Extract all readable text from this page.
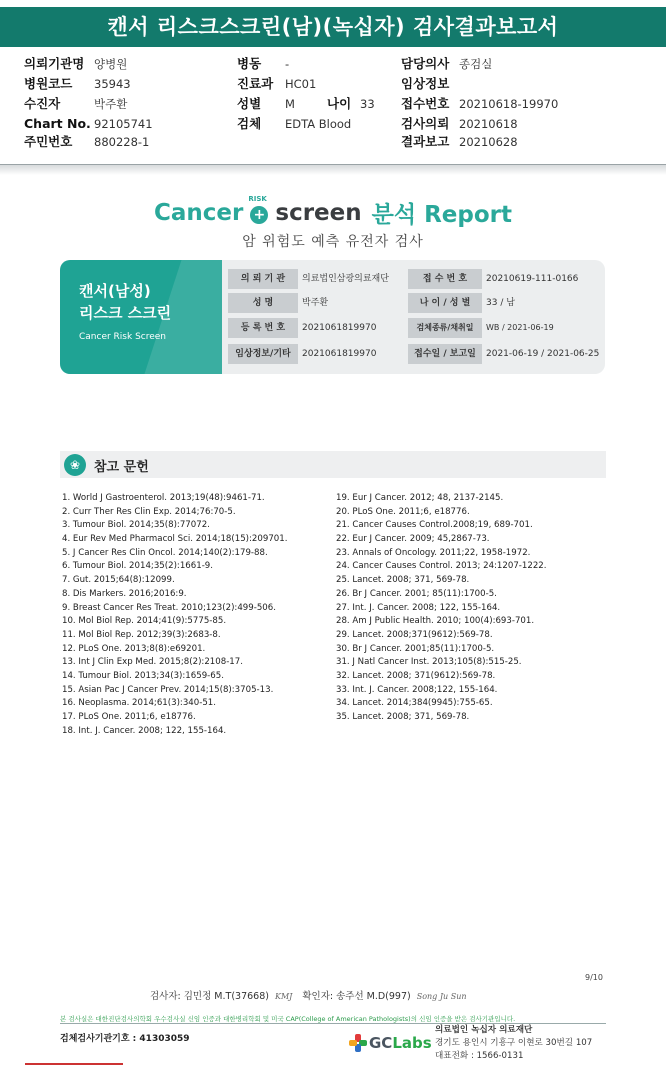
캔서 리스크스크린(남)(녹십자) 검사결과보고서
의뢰기관명 양병원
병원코드 35943
수진자	박주환
Chart No. 92105741
주민번호 880228-1
병동 -
진료과 HC01
성별 M	나이 33
검체 EDTA Blood
담당의사 종검실
임상정보
접수번호 20210618-19970
검사의뢰 20210618
결과보고 20210628
Cancer
RISK
+ screen 분석 Report
암 위험도 예측 유전자 검사
캔서(남성)
리스크 스크린
Cancer Risk Screen
의 뢰 기 관	의료법인삼광의료재단	접 수 번 호	20210619-111-0166
성 명	박주환	나 이 / 성 별	33 / 남
등 록 번 호	2021061819970	검체종류/채취일	WB / 2021-06-19
임상정보/기타	2021061819970	접수일 / 보고일	2021-06-19 / 2021-06-25
❀	참고 문헌
1. World J Gastroenterol. 2013;19(48):9461-71.
2. Curr Ther Res Clin Exp. 2014;76:70-5.
3. Tumour Biol. 2014;35(8):77072.
4. Eur Rev Med Pharmacol Sci. 2014;18(15):209701.
5. J Cancer Res Clin Oncol. 2014;140(2):179-88.
6. Tumour Biol. 2014;35(2):1661-9.
7. Gut. 2015;64(8):12099.
8. Dis Markers. 2016;2016:9.
9. Breast Cancer Res Treat. 2010;123(2):499-506.
10. Mol Biol Rep. 2014;41(9):5775-85.
11. Mol Biol Rep. 2012;39(3):2683-8.
12. PLoS One. 2013;8(8):e69201.
13. Int J Clin Exp Med. 2015;8(2):2108-17.
14. Tumour Biol. 2013;34(3):1659-65.
15. Asian Pac J Cancer Prev. 2014;15(8):3705-13.
16. Neoplasma. 2014;61(3):340-51.
17. PLoS One. 2011;6, e18776.
18. Int. J. Cancer. 2008; 122, 155-164.
19. Eur J Cancer. 2012; 48, 2137-2145.
20. PLoS One. 2011;6, e18776.
21. Cancer Causes Control.2008;19, 689-701.
22. Eur J Cancer. 2009; 45,2867-73.
23. Annals of Oncology. 2011;22, 1958-1972.
24. Cancer Causes Control. 2013; 24:1207-1222.
25. Lancet. 2008; 371, 569-78.
26. Br J Cancer. 2001; 85(11):1700-5.
27. Int. J. Cancer. 2008; 122, 155-164.
28. Am J Public Health. 2010; 100(4):693-701.
29. Lancet. 2008;371(9612):569-78.
30. Br J Cancer. 2001;85(11):1700-5.
31. J Natl Cancer Inst. 2013;105(8):515-25.
32. Lancet. 2008; 371(9612):569-78.
33. Int. J. Cancer. 2008;122, 155-164.
34. Lancet. 2014;384(9945):755-65.
35. Lancet. 2008; 371, 569-78.
9/10
검사자: 김민정 M.T(37668) KMJ 확인자: 송주선 M.D(997) Song Ju Sun
본 검사실은 대한진단검사의학회 우수검사실 신임 인증과 대한병리학회 및 미국 CAP(College of American Pathologists)의 신임 인증을 받은 검사기관입니다.
검체검사기관기호 : 41303059	GCLabs
의료법인 녹십자 의료재단
경기도 용인시 기흥구 이현로 30번길 107
대표전화 : 1566-0131
